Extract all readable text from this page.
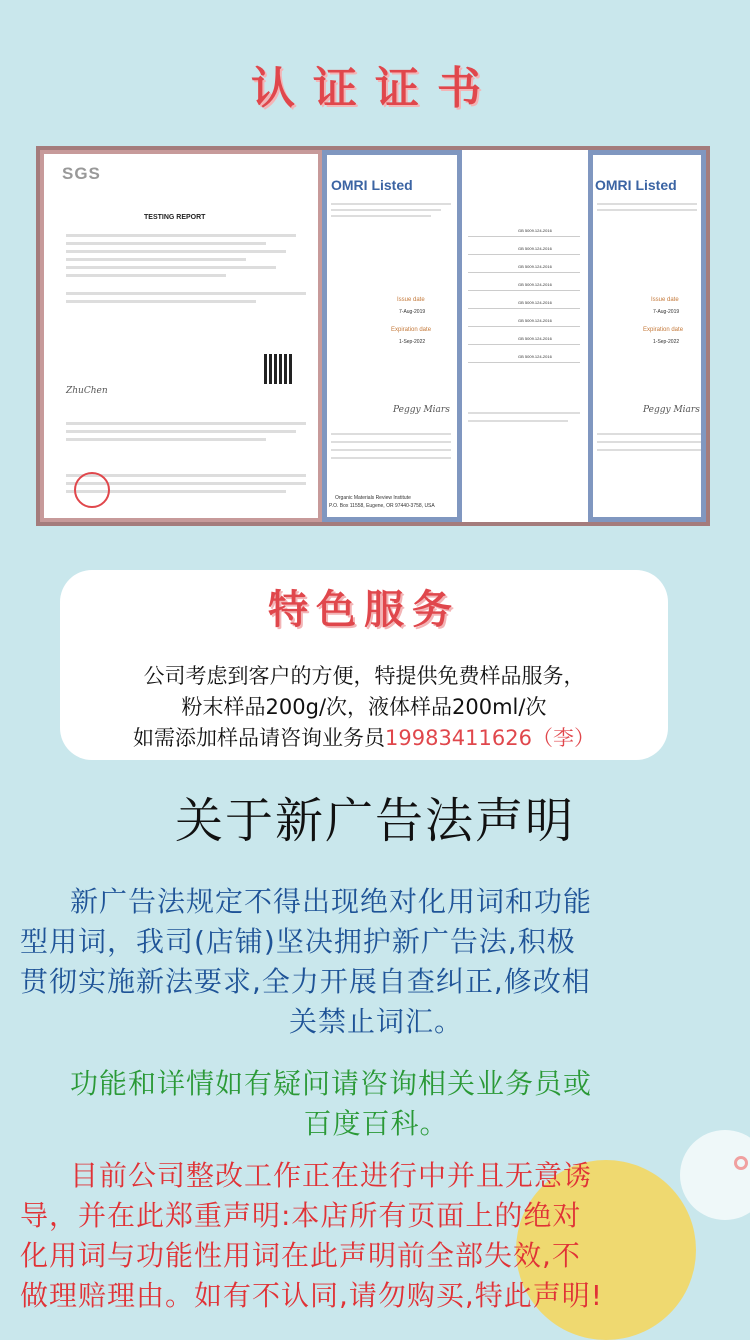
认证证书
SGS
TESTING REPORT
ZhuChen
OMRI Listed
Issue date
7-Aug-2019
Expiration date
1-Sep-2022
Peggy Miars
Organic Materials Review Institute
P.O. Box 11558, Eugene, OR 97440-3758, USA
GB 5009.124-2016
GB 5009.124-2016
GB 5009.124-2016
GB 5009.124-2016
GB 5009.124-2016
GB 5009.124-2016
GB 5009.124-2016
GB 5009.124-2016
OMRI Listed
Issue date
7-Aug-2019
Expiration date
1-Sep-2022
Peggy Miars
特色服务
公司考虑到客户的方便，特提供免费样品服务，
粉末样品200g/次，液体样品200ml/次
如需添加样品请咨询业务员19983411626（李）
关于新广告法声明
新广告法规定不得出现绝对化用词和功能
型用词，我司(店铺)坚决拥护新广告法,积极
贯彻实施新法要求,全力开展自查纠正,修改相
关禁止词汇。
功能和详情如有疑问请咨询相关业务员或
百度百科。
目前公司整改工作正在进行中并且无意诱
导，并在此郑重声明:本店所有页面上的绝对
化用词与功能性用词在此声明前全部失效,不
做理赔理由。如有不认同,请勿购买,特此声明!
